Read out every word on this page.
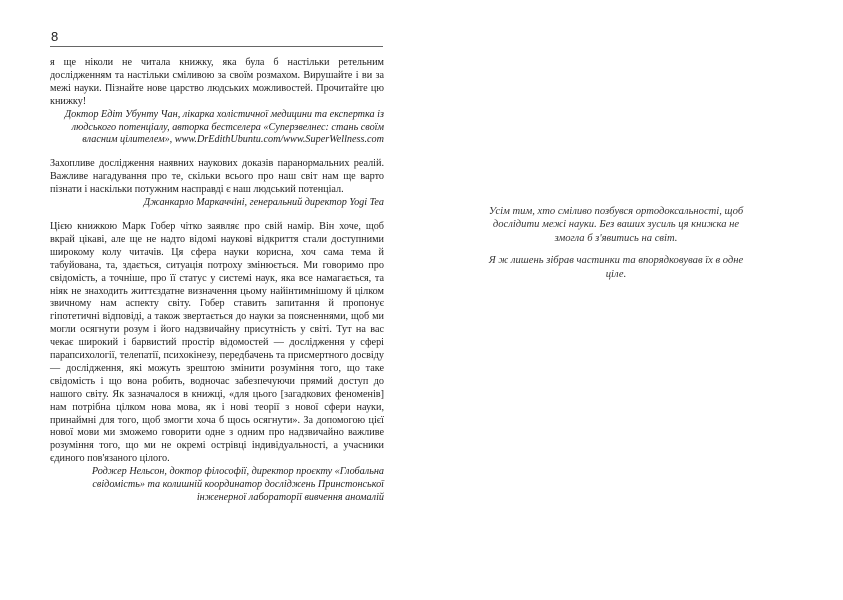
8

я ще ніколи не читала книжку, яка була б настільки ретельним дослідженням та настільки сміливою за своїм розмахом. Вирушайте і ви за межі науки. Пізнайте нове царство людських можливостей. Прочитайте цю книжку!

Доктор Едіт Убунту Чан, лікарка холістичної медицини та експертка із людського потенціалу, авторка бестселера «Суперзвелнес: стань своїм власним цілителем», www.DrEdithUbuntu.com/www.SuperWellness.com

Захопливе дослідження наявних наукових доказів паранормальних реалій. Важливе нагадування про те, скільки всього про наш світ нам ще варто пізнати і наскільки потужним насправді є наш людський потенціал.

Джанкарло Маркаччіні, генеральний директор Yogi Tea

Цією книжкою Марк Гобер чітко заявляє про свій намір. Він хоче, щоб вкрай цікаві, але ще не надто відомі наукові відкриття стали доступними широкому колу читачів. Ця сфера науки корисна, хоч сама тема й табуйована, та, здається, ситуація потроху змінюється. Ми говоримо про свідомість, а точніше, про її статус у системі наук, яка все намагається, та ніяк не знаходить життєздатне визначення цьому найінтимнішому й цілком звичному нам аспекту світу. Гобер ставить запитання й пропонує гіпотетичні відповіді, а також звертається до науки за поясненнями, щоб ми могли осягнути розум і його надзвичайну присутність у світі. Тут на вас чекає широкий і барвистий простір відомостей — дослідження у сфері парапсихології, телепатії, психокінезу, передбачень та присмертного досвіду — дослідження, які можуть зрештою змінити розуміння того, що таке свідомість і що вона робить, водночас забезпечуючи прямий доступ до нашого світу. Як зазначалося в книжці, «для цього [загадкових феноменів] нам потрібна цілком нова мова, як і нові теорії з нової сфери науки, принаймні для того, щоб змогти хоча б щось осягнути». За допомогою цієї нової мови ми зможемо говорити одне з одним про надзвичайно важливе розуміння того, що ми не окремі острівці індивідуальності, а учасники єдиного пов'язаного цілого.

Роджер Нельсон, доктор філософії, директор проєкту «Глобальна свідомість» та колишній координатор досліджень Принстонської інженерної лабораторії вивчення аномалій

Усім тим, хто сміливо позбувся ортодоксальності, щоб дослідити межі науки. Без ваших зусиль ця книжка не змогла б з'явитись на світ.

Я ж лишень зібрав частинки та впорядковував їх в одне ціле.
